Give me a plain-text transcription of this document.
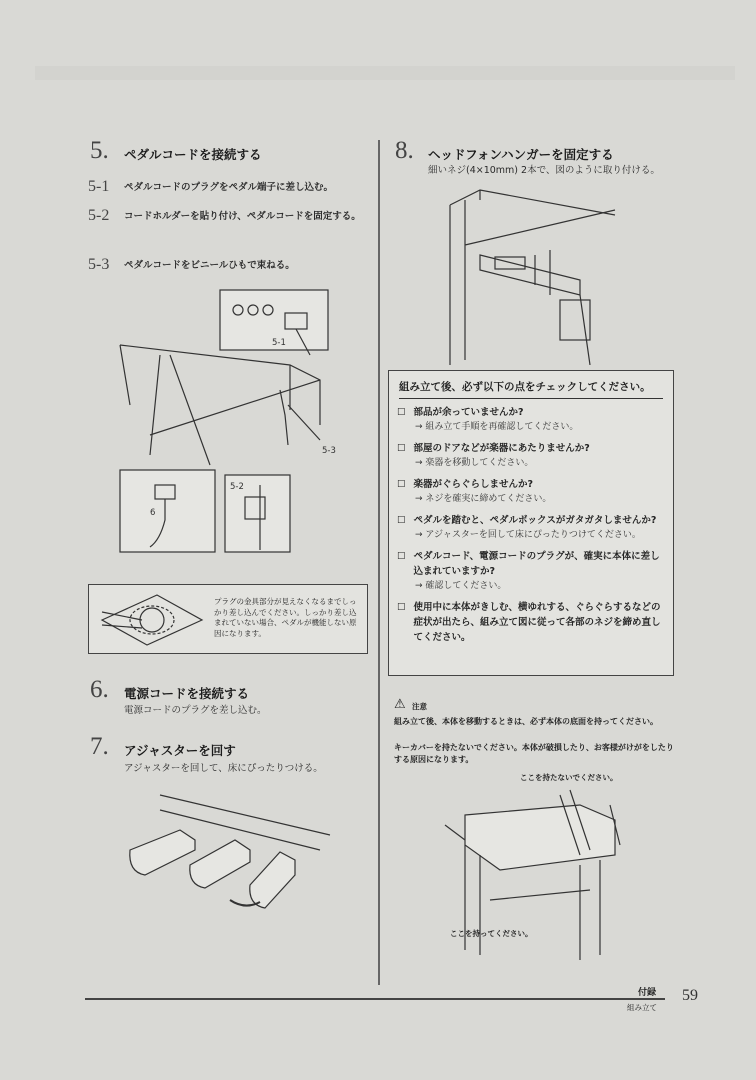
5. ペダルコードを接続する
5-1 ペダルコードのプラグをペダル端子に差し込む。
5-2 コードホルダーを貼り付け、ペダルコードを固定する。
5-3 ペダルコードをビニールひもで束ねる。
5-1
5-3
5-2
6
プラグの金具部分が見えなくなるまでしっかり差し込んでください。しっかり差し込まれていない場合、ペダルが機能しない原因になります。
6. 電源コードを接続する
電源コードのプラグを差し込む。
7. アジャスターを回す
アジャスターを回して、床にぴったりつける。
8. ヘッドフォンハンガーを固定する
細いネジ(4×10mm) 2本で、図のように取り付ける。
組み立て後、必ず以下の点をチェックしてください。
☐ 部品が余っていませんか?
→ 組み立て手順を再確認してください。
☐ 部屋のドアなどが楽器にあたりませんか?
→ 楽器を移動してください。
☐ 楽器がぐらぐらしませんか?
→ ネジを確実に締めてください。
☐ ペダルを踏むと、ペダルボックスがガタガタしませんか?
→ アジャスターを回して床にぴったりつけてください。
☐ ペダルコード、電源コードのプラグが、確実に本体に差し込まれていますか?
→ 確認してください。
☐ 使用中に本体がきしむ、横ゆれする、ぐらぐらするなどの症状が出たら、組み立て図に従って各部のネジを締め直してください。
⚠ 注意
組み立て後、本体を移動するときは、必ず本体の底面を持ってください。
キーカバーを持たないでください。本体が破損したり、お客様がけがをしたりする原因になります。
ここを持たないでください。
ここを持ってください。
付録
組み立て
59
